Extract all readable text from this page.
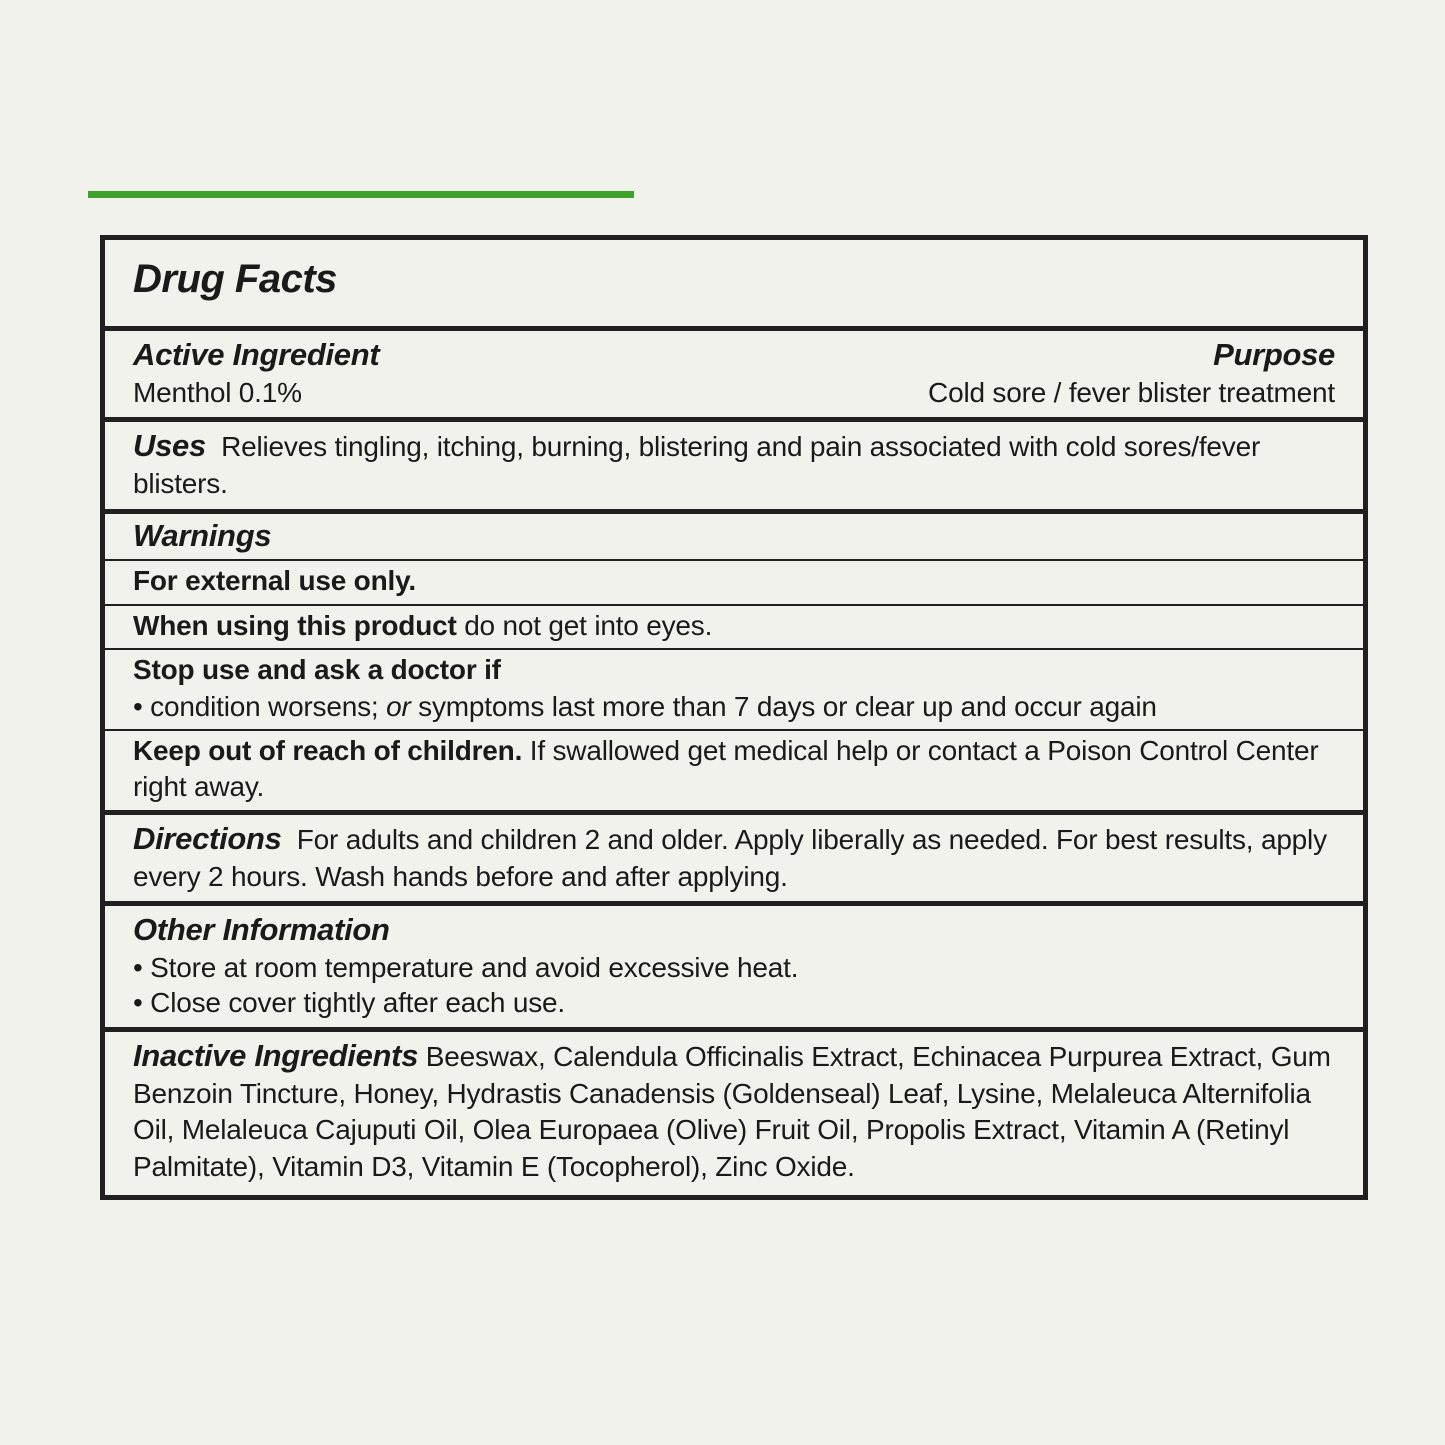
Drug Facts
Active Ingredient	Purpose
Menthol 0.1%	Cold sore / fever blister treatment

Uses Relieves tingling, itching, burning, blistering and pain associated with cold sores/fever blisters.

Warnings

For external use only.

When using this product do not get into eyes.

Stop use and ask a doctor if

• condition worsens; or symptoms last more than 7 days or clear up and occur again

Keep out of reach of children. If swallowed get medical help or contact a Poison Control Center right away.

Directions For adults and children 2 and older. Apply liberally as needed. For best results, apply every 2 hours. Wash hands before and after applying.

Other Information

• Store at room temperature and avoid excessive heat.

• Close cover tightly after each use.

Inactive Ingredients Beeswax, Calendula Officinalis Extract, Echinacea Purpurea Extract, Gum Benzoin Tincture, Honey, Hydrastis Canadensis (Goldenseal) Leaf, Lysine, Melaleuca Alternifolia Oil, Melaleuca Cajuputi Oil, Olea Europaea (Olive) Fruit Oil, Propolis Extract, Vitamin A (Retinyl Palmitate), Vitamin D3, Vitamin E (Tocopherol), Zinc Oxide.
